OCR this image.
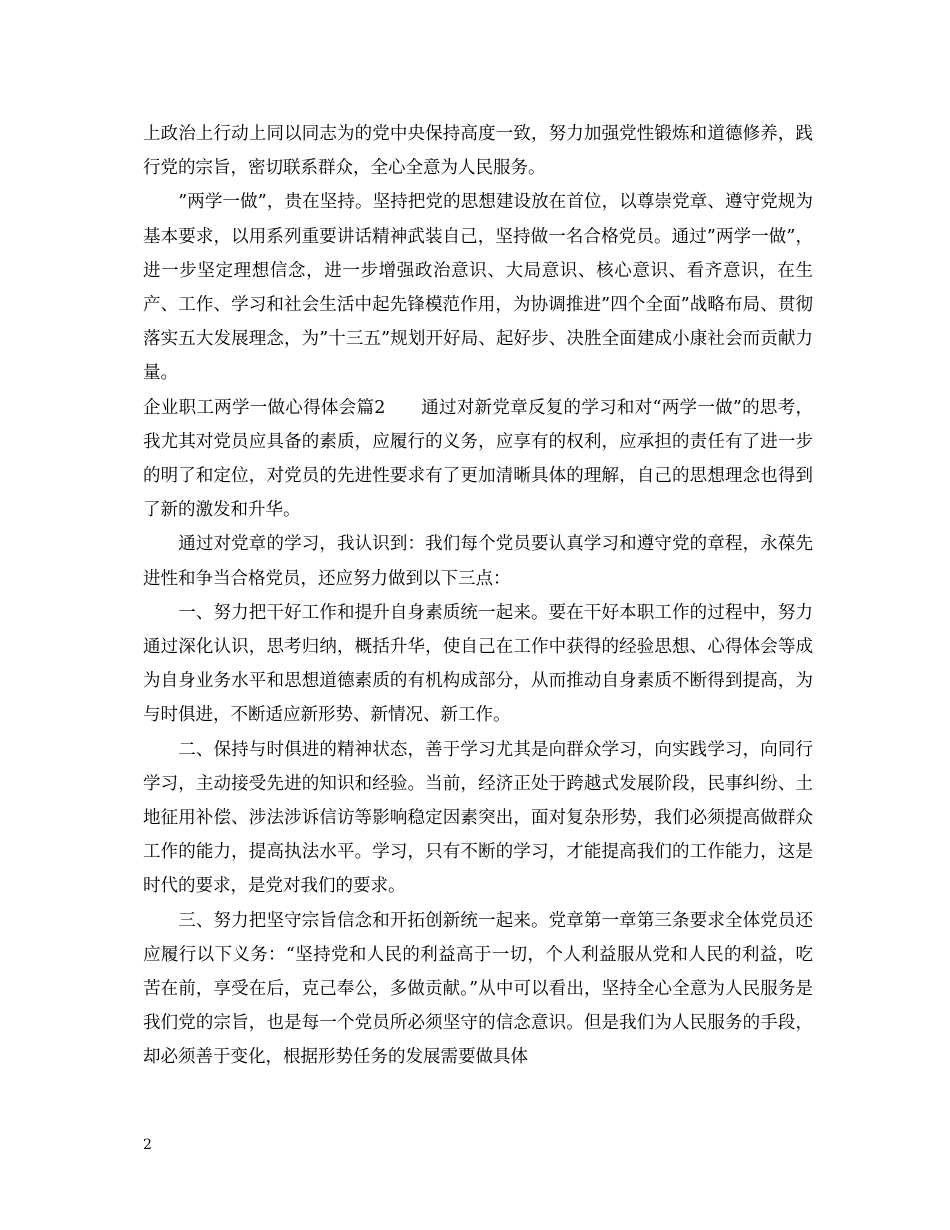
上政治上行动上同以同志为的党中央保持高度一致，努力加强党性锻炼和道德修养，践行党的宗旨，密切联系群众，全心全意为人民服务。

　　”两学一做”，贵在坚持。坚持把党的思想建设放在首位，以尊崇党章、遵守党规为基本要求，以用系列重要讲话精神武装自己，坚持做一名合格党员。通过”两学一做”，进一步坚定理想信念，进一步增强政治意识、大局意识、核心意识、看齐意识，在生产、工作、学习和社会生活中起先锋模范作用，为协调推进”四个全面”战略布局、贯彻落实五大发展理念，为”十三五”规划开好局、起好步、决胜全面建成小康社会而贡献力量。

企业职工两学一做心得体会篇2　　通过对新党章反复的学习和对“两学一做”的思考，我尤其对党员应具备的素质，应履行的义务，应享有的权利，应承担的责任有了进一步的明了和定位，对党员的先进性要求有了更加清晰具体的理解，自己的思想理念也得到了新的激发和升华。

　　通过对党章的学习，我认识到：我们每个党员要认真学习和遵守党的章程，永葆先进性和争当合格党员，还应努力做到以下三点：

　　一、努力把干好工作和提升自身素质统一起来。要在干好本职工作的过程中，努力通过深化认识，思考归纳，概括升华，使自己在工作中获得的经验思想、心得体会等成为自身业务水平和思想道德素质的有机构成部分，从而推动自身素质不断得到提高，为与时俱进，不断适应新形势、新情况、新工作。

　　二、保持与时俱进的精神状态，善于学习尤其是向群众学习，向实践学习，向同行学习，主动接受先进的知识和经验。当前，经济正处于跨越式发展阶段，民事纠纷、土地征用补偿、涉法涉诉信访等影响稳定因素突出，面对复杂形势，我们必须提高做群众工作的能力，提高执法水平。学习，只有不断的学习，才能提高我们的工作能力，这是时代的要求，是党对我们的要求。

　　三、努力把坚守宗旨信念和开拓创新统一起来。党章第一章第三条要求全体党员还应履行以下义务：“坚持党和人民的利益高于一切，个人利益服从党和人民的利益，吃苦在前，享受在后，克己奉公，多做贡献。”从中可以看出，坚持全心全意为人民服务是我们党的宗旨，也是每一个党员所必须坚守的信念意识。但是我们为人民服务的手段，却必须善于变化，根据形势任务的发展需要做具体

2
